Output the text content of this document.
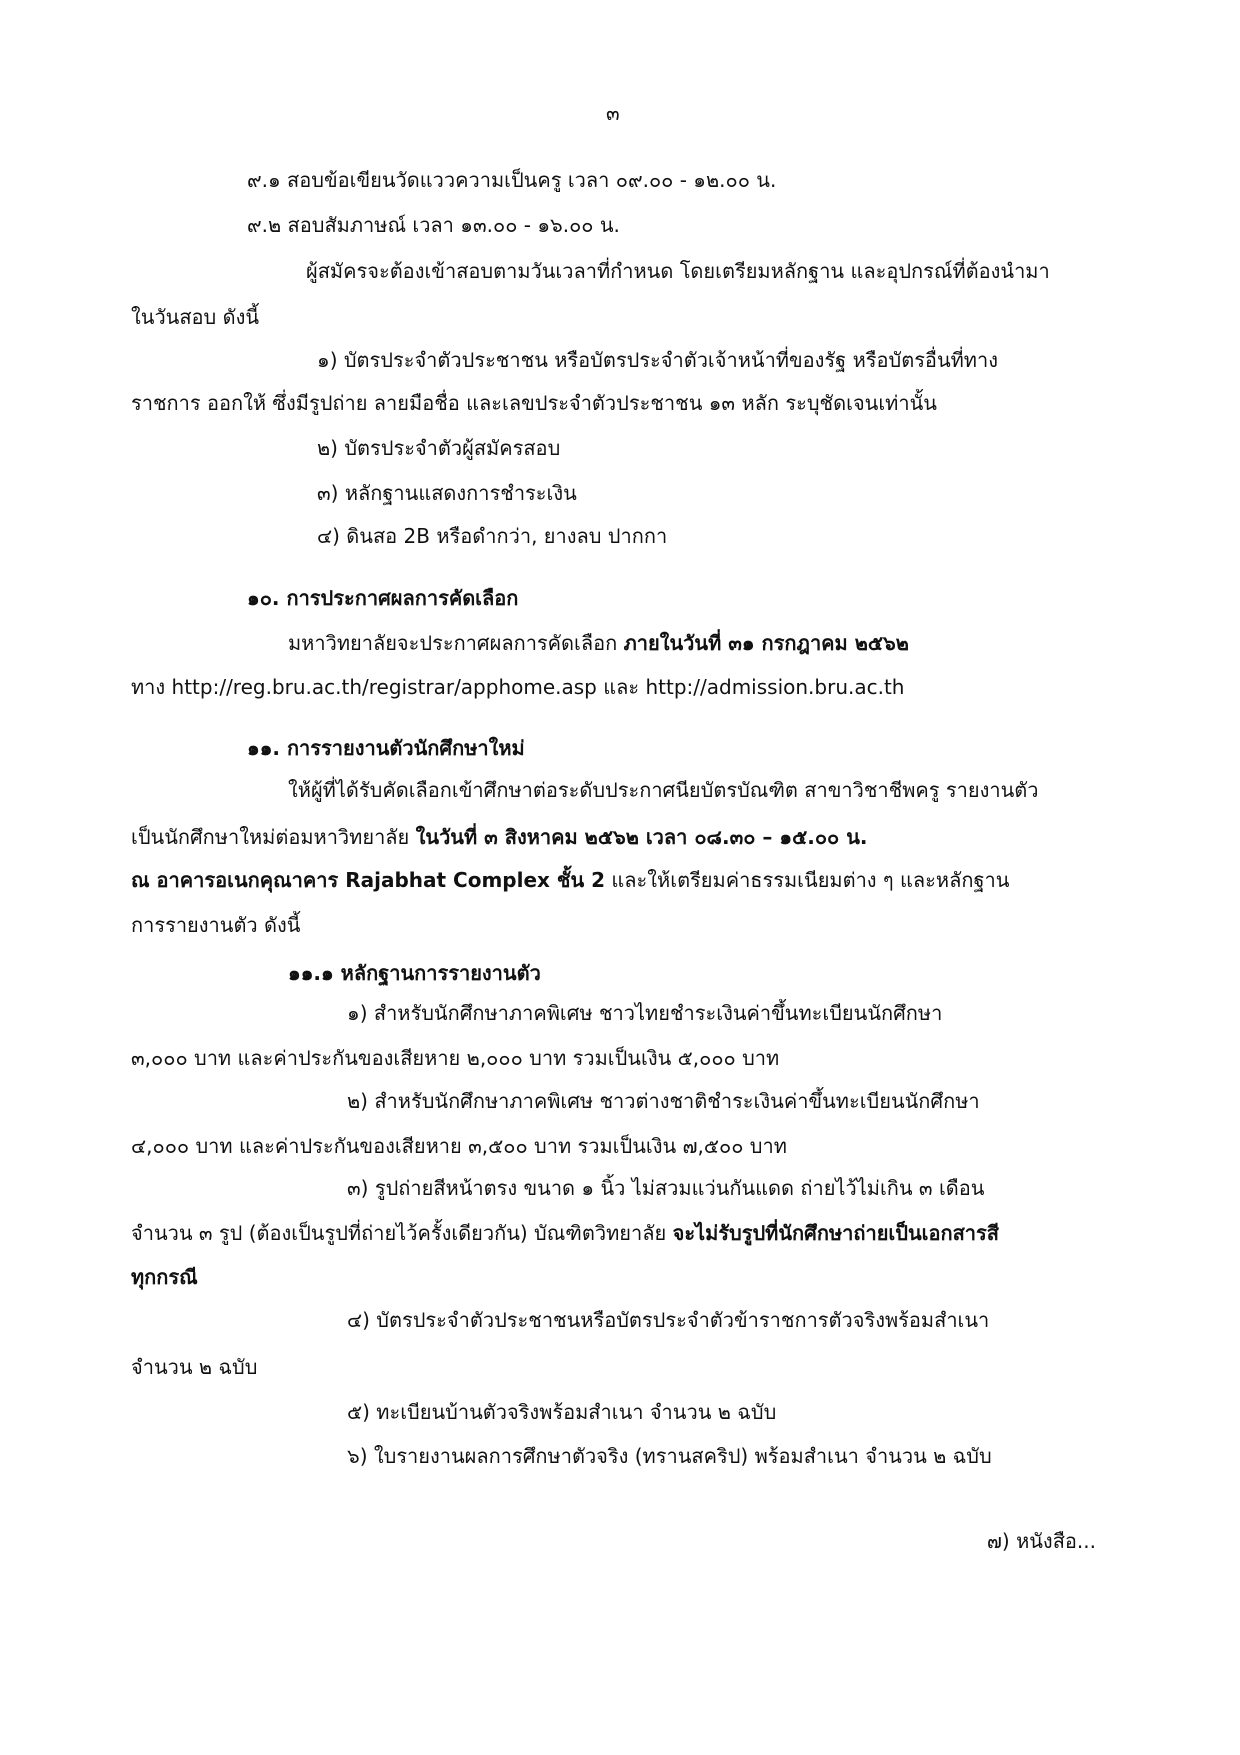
๓
๙.๑ สอบข้อเขียนวัดแววความเป็นครู เวลา ๐๙.๐๐ - ๑๒.๐๐ น.
๙.๒ สอบสัมภาษณ์ เวลา ๑๓.๐๐ - ๑๖.๐๐ น.
ผู้สมัครจะต้องเข้าสอบตามวันเวลาที่กำหนด โดยเตรียมหลักฐาน และอุปกรณ์ที่ต้องนำมา
ในวันสอบ ดังนี้
๑) บัตรประจำตัวประชาชน หรือบัตรประจำตัวเจ้าหน้าที่ของรัฐ หรือบัตรอื่นที่ทาง
ราชการ ออกให้ ซึ่งมีรูปถ่าย ลายมือชื่อ และเลขประจำตัวประชาชน ๑๓ หลัก ระบุชัดเจนเท่านั้น
๒) บัตรประจำตัวผู้สมัครสอบ
๓) หลักฐานแสดงการชำระเงิน
๔) ดินสอ 2B หรือดำกว่า, ยางลบ ปากกา
๑๐. การประกาศผลการคัดเลือก
มหาวิทยาลัยจะประกาศผลการคัดเลือก ภายในวันที่ ๓๑ กรกฎาคม ๒๕๖๒
ทาง http://reg.bru.ac.th/registrar/apphome.asp และ http://admission.bru.ac.th
๑๑. การรายงานตัวนักศึกษาใหม่
ให้ผู้ที่ได้รับคัดเลือกเข้าศึกษาต่อระดับประกาศนียบัตรบัณฑิต สาขาวิชาชีพครู รายงานตัว
เป็นนักศึกษาใหม่ต่อมหาวิทยาลัย ในวันที่ ๓ สิงหาคม ๒๕๖๒ เวลา ๐๘.๓๐ – ๑๕.๐๐ น.
ณ อาคารอเนกคุณาคาร Rajabhat Complex ชั้น 2 และให้เตรียมค่าธรรมเนียมต่าง ๆ และหลักฐาน
การรายงานตัว ดังนี้
๑๑.๑ หลักฐานการรายงานตัว
๑) สำหรับนักศึกษาภาคพิเศษ ชาวไทยชำระเงินค่าขึ้นทะเบียนนักศึกษา
๓,๐๐๐ บาท และค่าประกันของเสียหาย ๒,๐๐๐ บาท รวมเป็นเงิน ๕,๐๐๐ บาท
๒) สำหรับนักศึกษาภาคพิเศษ ชาวต่างชาติชำระเงินค่าขึ้นทะเบียนนักศึกษา
๔,๐๐๐ บาท และค่าประกันของเสียหาย ๓,๕๐๐ บาท รวมเป็นเงิน ๗,๕๐๐ บาท
๓) รูปถ่ายสีหน้าตรง ขนาด ๑ นิ้ว ไม่สวมแว่นกันแดด ถ่ายไว้ไม่เกิน ๓ เดือน
จำนวน ๓ รูป (ต้องเป็นรูปที่ถ่ายไว้ครั้งเดียวกัน) บัณฑิตวิทยาลัย จะไม่รับรูปที่นักศึกษาถ่ายเป็นเอกสารสี
ทุกกรณี
๔) บัตรประจำตัวประชาชนหรือบัตรประจำตัวข้าราชการตัวจริงพร้อมสำเนา
จำนวน ๒ ฉบับ
๕) ทะเบียนบ้านตัวจริงพร้อมสำเนา จำนวน ๒ ฉบับ
๖) ใบรายงานผลการศึกษาตัวจริง (ทรานสคริป) พร้อมสำเนา จำนวน ๒ ฉบับ
๗) หนังสือ...
